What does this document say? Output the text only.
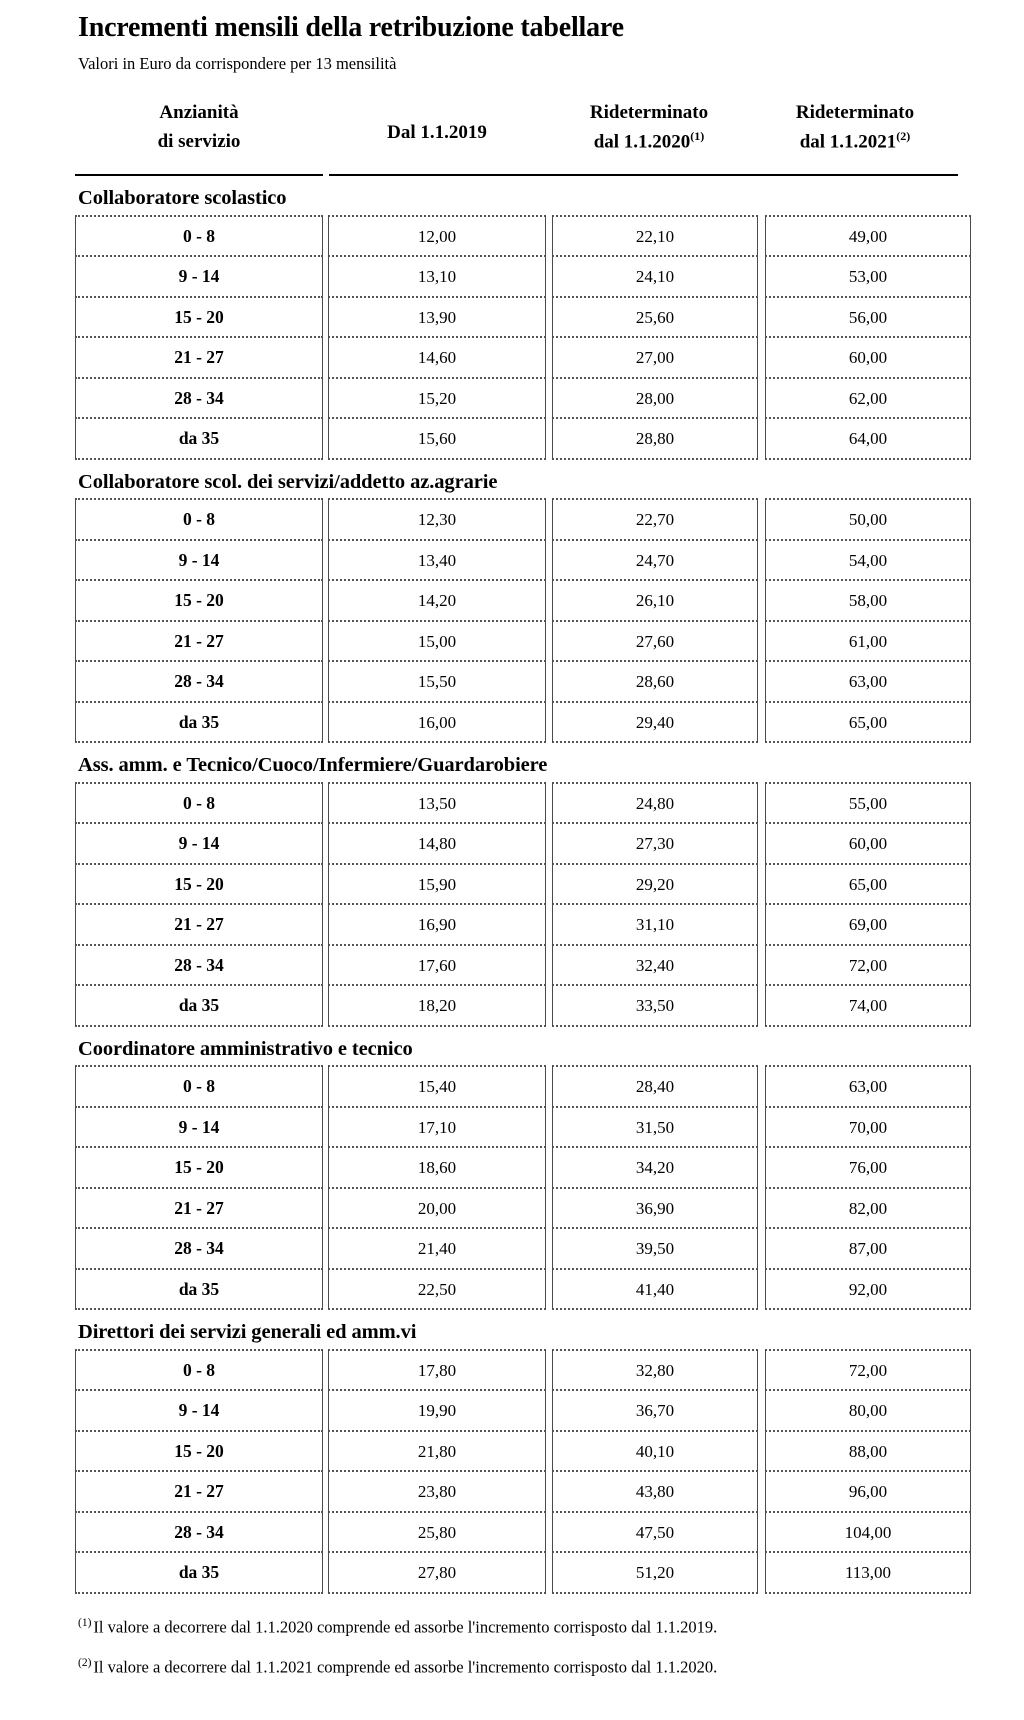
Incrementi mensili della retribuzione tabellare

Valori in Euro da corrispondere per 13 mensilità

Anzianità
di servizio	Dal 1.1.2019
Rideterminato
dal 1.1.2020$^{(1)}$
Rideterminato
dal 1.1.2021$^{(2)}$
Collaboratore scolastico
0 - 8	12,00	22,10	49,00
9 - 14	13,10	24,10	53,00
15 - 20	13,90	25,60	56,00
21 - 27	14,60	27,00	60,00
28 - 34	15,20	28,00	62,00
da 35	15,60	28,80	64,00
Collaboratore scol. dei servizi/addetto az.agrarie
0 - 8	12,30	22,70	50,00
9 - 14	13,40	24,70	54,00
15 - 20	14,20	26,10	58,00
21 - 27	15,00	27,60	61,00
28 - 34	15,50	28,60	63,00
da 35	16,00	29,40	65,00
Ass. amm. e Tecnico/Cuoco/Infermiere/Guardarobiere
0 - 8	13,50	24,80	55,00
9 - 14	14,80	27,30	60,00
15 - 20	15,90	29,20	65,00
21 - 27	16,90	31,10	69,00
28 - 34	17,60	32,40	72,00
da 35	18,20	33,50	74,00
Coordinatore amministrativo e tecnico
0 - 8	15,40	28,40	63,00
9 - 14	17,10	31,50	70,00
15 - 20	18,60	34,20	76,00
21 - 27	20,00	36,90	82,00
28 - 34	21,40	39,50	87,00
da 35	22,50	41,40	92,00
Direttori dei servizi generali ed amm.vi
0 - 8	17,80	32,80	72,00
9 - 14	19,90	36,70	80,00
15 - 20	21,80	40,10	88,00
21 - 27	23,80	43,80	96,00
28 - 34	25,80	47,50	104,00
da 35	27,80	51,20	113,00

$^{(1)}$ Il valore a decorrere dal 1.1.2020 comprende ed assorbe l'incremento corrisposto dal 1.1.2019.

$^{(2)}$ Il valore a decorrere dal 1.1.2021 comprende ed assorbe l'incremento corrisposto dal 1.1.2020.
